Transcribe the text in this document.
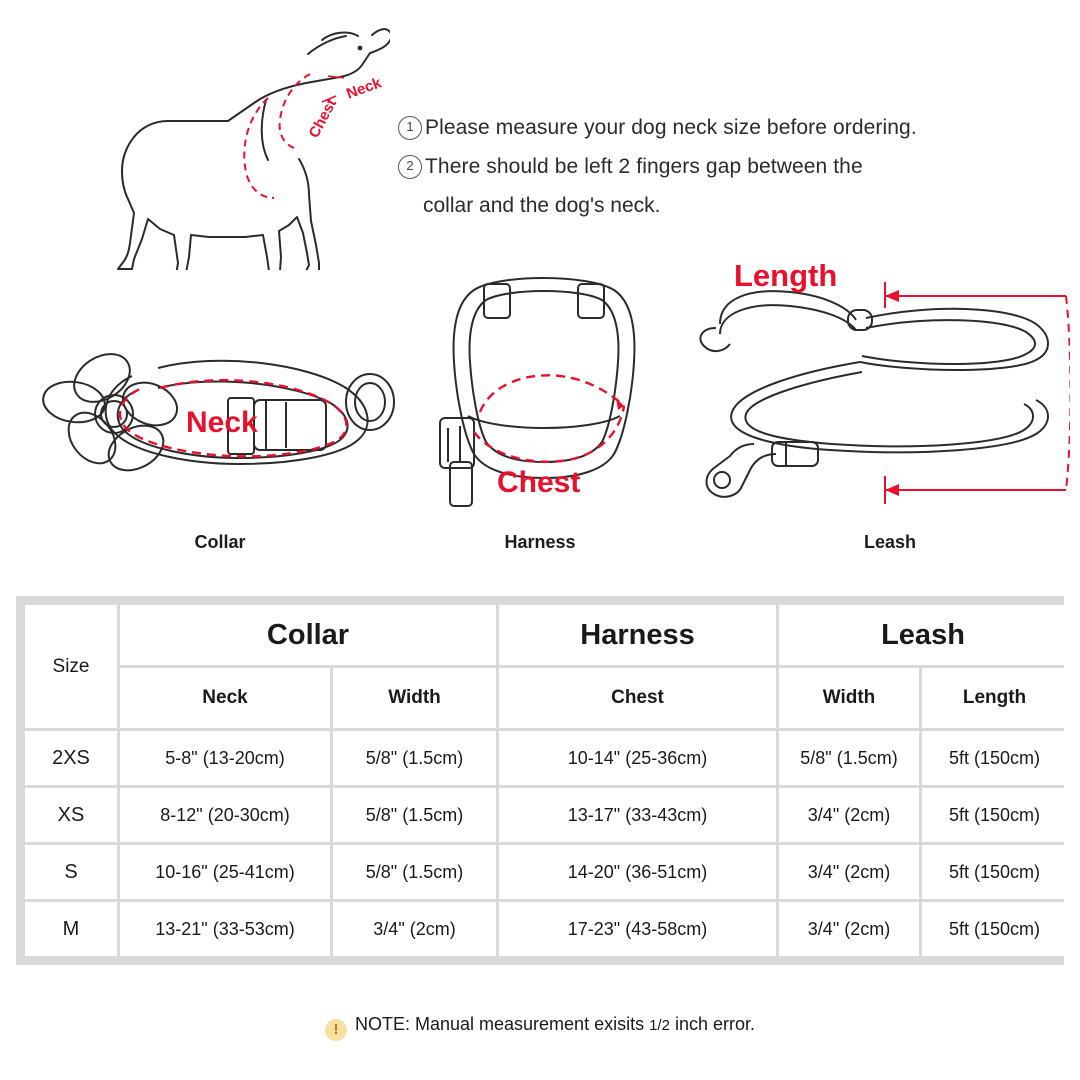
Neck
Chest	1 Please measure your dog neck size before ordering.
2 There should be left 2 fingers gap between the
collar and the dog's neck.
Neck
Collar
Chest
Harness
Length
Leash
Size	Collar		Harness	Leash	
	Neck	Width	Chest	Width	Length
2XS	5-8" (13-20cm)	5/8" (1.5cm)	10-14" (25-36cm)	5/8" (1.5cm)	5ft (150cm)
XS	8-12" (20-30cm)	5/8" (1.5cm)	13-17" (33-43cm)	3/4" (2cm)	5ft (150cm)
S	10-16" (25-41cm)	5/8" (1.5cm)	14-20" (36-51cm)	3/4" (2cm)	5ft (150cm)
M	13-21" (33-53cm)	3/4" (2cm)	17-23" (43-58cm)	3/4" (2cm)	5ft (150cm)
! NOTE: Manual measurement exisits 1/2 inch error.
